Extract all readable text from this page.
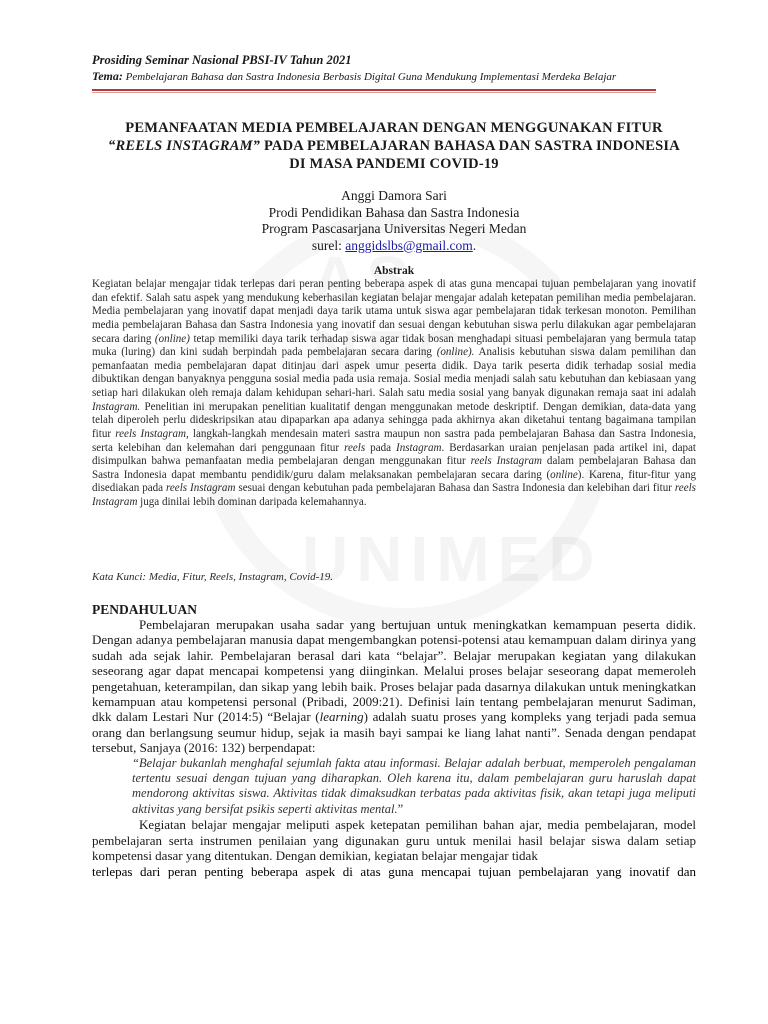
Prosiding Seminar Nasional PBSI-IV Tahun 2021
Tema: Pembelajaran Bahasa dan Sastra Indonesia Berbasis Digital Guna Mendukung Implementasi Merdeka Belajar
PEMANFAATAN MEDIA PEMBELAJARAN DENGAN MENGGUNAKAN FITUR
“REELS INSTAGRAM” PADA PEMBELAJARAN BAHASA DAN SASTRA INDONESIA
DI MASA PANDEMI COVID-19
Anggi Damora Sari
Prodi Pendidikan Bahasa dan Sastra Indonesia
Program Pascasarjana Universitas Negeri Medan
surel: anggidslbs@gmail.com.
Abstrak

Kegiatan belajar mengajar tidak terlepas dari peran penting beberapa aspek di atas guna mencapai tujuan pembelajaran yang inovatif dan efektif. Salah satu aspek yang mendukung keberhasilan kegiatan belajar mengajar adalah ketepatan pemilihan media pembelajaran. Media pembelajaran yang inovatif dapat menjadi daya tarik utama untuk siswa agar pembelajaran tidak terkesan monoton. Pemilihan media pembelajaran Bahasa dan Sastra Indonesia yang inovatif dan sesuai dengan kebutuhan siswa perlu dilakukan agar pembelajaran secara daring (online) tetap memiliki daya tarik terhadap siswa agar tidak bosan menghadapi situasi pembelajaran yang bermula tatap muka (luring) dan kini sudah berpindah pada pembelajaran secara daring (online). Analisis kebutuhan siswa dalam pemilihan dan pemanfaatan media pembelajaran dapat ditinjau dari aspek umur peserta didik. Daya tarik peserta didik terhadap sosial media dibuktikan dengan banyaknya pengguna sosial media pada usia remaja. Sosial media menjadi salah satu kebutuhan dan kebiasaan yang setiap hari dilakukan oleh remaja dalam kehidupan sehari-hari. Salah satu media sosial yang banyak digunakan remaja saat ini adalah Instagram. Penelitian ini merupakan penelitian kualitatif dengan menggunakan metode deskriptif. Dengan demikian, data-data yang telah diperoleh perlu dideskripsikan atau dipaparkan apa adanya sehingga pada akhirnya akan diketahui tentang bagaimana tampilan fitur reels Instagram, langkah-langkah mendesain materi sastra maupun non sastra pada pembelajaran Bahasa dan Sastra Indonesia, serta kelebihan dan kelemahan dari penggunaan fitur reels pada Instagram. Berdasarkan uraian penjelasan pada artikel ini, dapat disimpulkan bahwa pemanfaatan media pembelajaran dengan menggunakan fitur reels Instagram dalam pembelajaran Bahasa dan Sastra Indonesia dapat membantu pendidik/guru dalam melaksanakan pembelajaran secara daring (online). Karena, fitur-fitur yang disediakan pada reels Instagram sesuai dengan kebutuhan pada pembelajaran Bahasa dan Sastra Indonesia dan kelebihan dari fitur reels Instagram juga dinilai lebih dominan daripada kelemahannya.

Kata Kunci: Media, Fitur, Reels, Instagram, Covid-19.
PENDAHULUAN

Pembelajaran merupakan usaha sadar yang bertujuan untuk meningkatkan kemampuan peserta didik. Dengan adanya pembelajaran manusia dapat mengembangkan potensi-potensi atau kemampuan dalam dirinya yang sudah ada sejak lahir. Pembelajaran berasal dari kata “belajar”. Belajar merupakan kegiatan yang dilakukan seseorang agar dapat mencapai kompetensi yang diinginkan. Melalui proses belajar seseorang dapat memeroleh pengetahuan, keterampilan, dan sikap yang lebih baik. Proses belajar pada dasarnya dilakukan untuk meningkatkan kemampuan atau kompetensi personal (Pribadi, 2009:21). Definisi lain tentang pembelajaran menurut Sadiman, dkk dalam Lestari Nur (2014:5) “Belajar (learning) adalah suatu proses yang kompleks yang terjadi pada semua orang dan berlangsung seumur hidup, sejak ia masih bayi sampai ke liang lahat nanti”. Senada dengan pendapat tersebut, Sanjaya (2016: 132) berpendapat:

“Belajar bukanlah menghafal sejumlah fakta atau informasi. Belajar adalah berbuat, memperoleh pengalaman tertentu sesuai dengan tujuan yang diharapkan. Oleh karena itu, dalam pembelajaran guru haruslah dapat mendorong aktivitas siswa. Aktivitas tidak dimaksudkan terbatas pada aktivitas fisik, akan tetapi juga meliputi aktivitas yang bersifat psikis seperti aktivitas mental.”

Kegiatan belajar mengajar meliputi aspek ketepatan pemilihan bahan ajar, media pembelajaran, model pembelajaran serta instrumen penilaian yang digunakan guru untuk menilai hasil belajar siswa dalam setiap kompetensi dasar yang ditentukan. Dengan demikian, kegiatan belajar mengajar tidak

terlepas dari peran penting beberapa aspek di atas guna mencapai tujuan pembelajaran yang inovatif dan
